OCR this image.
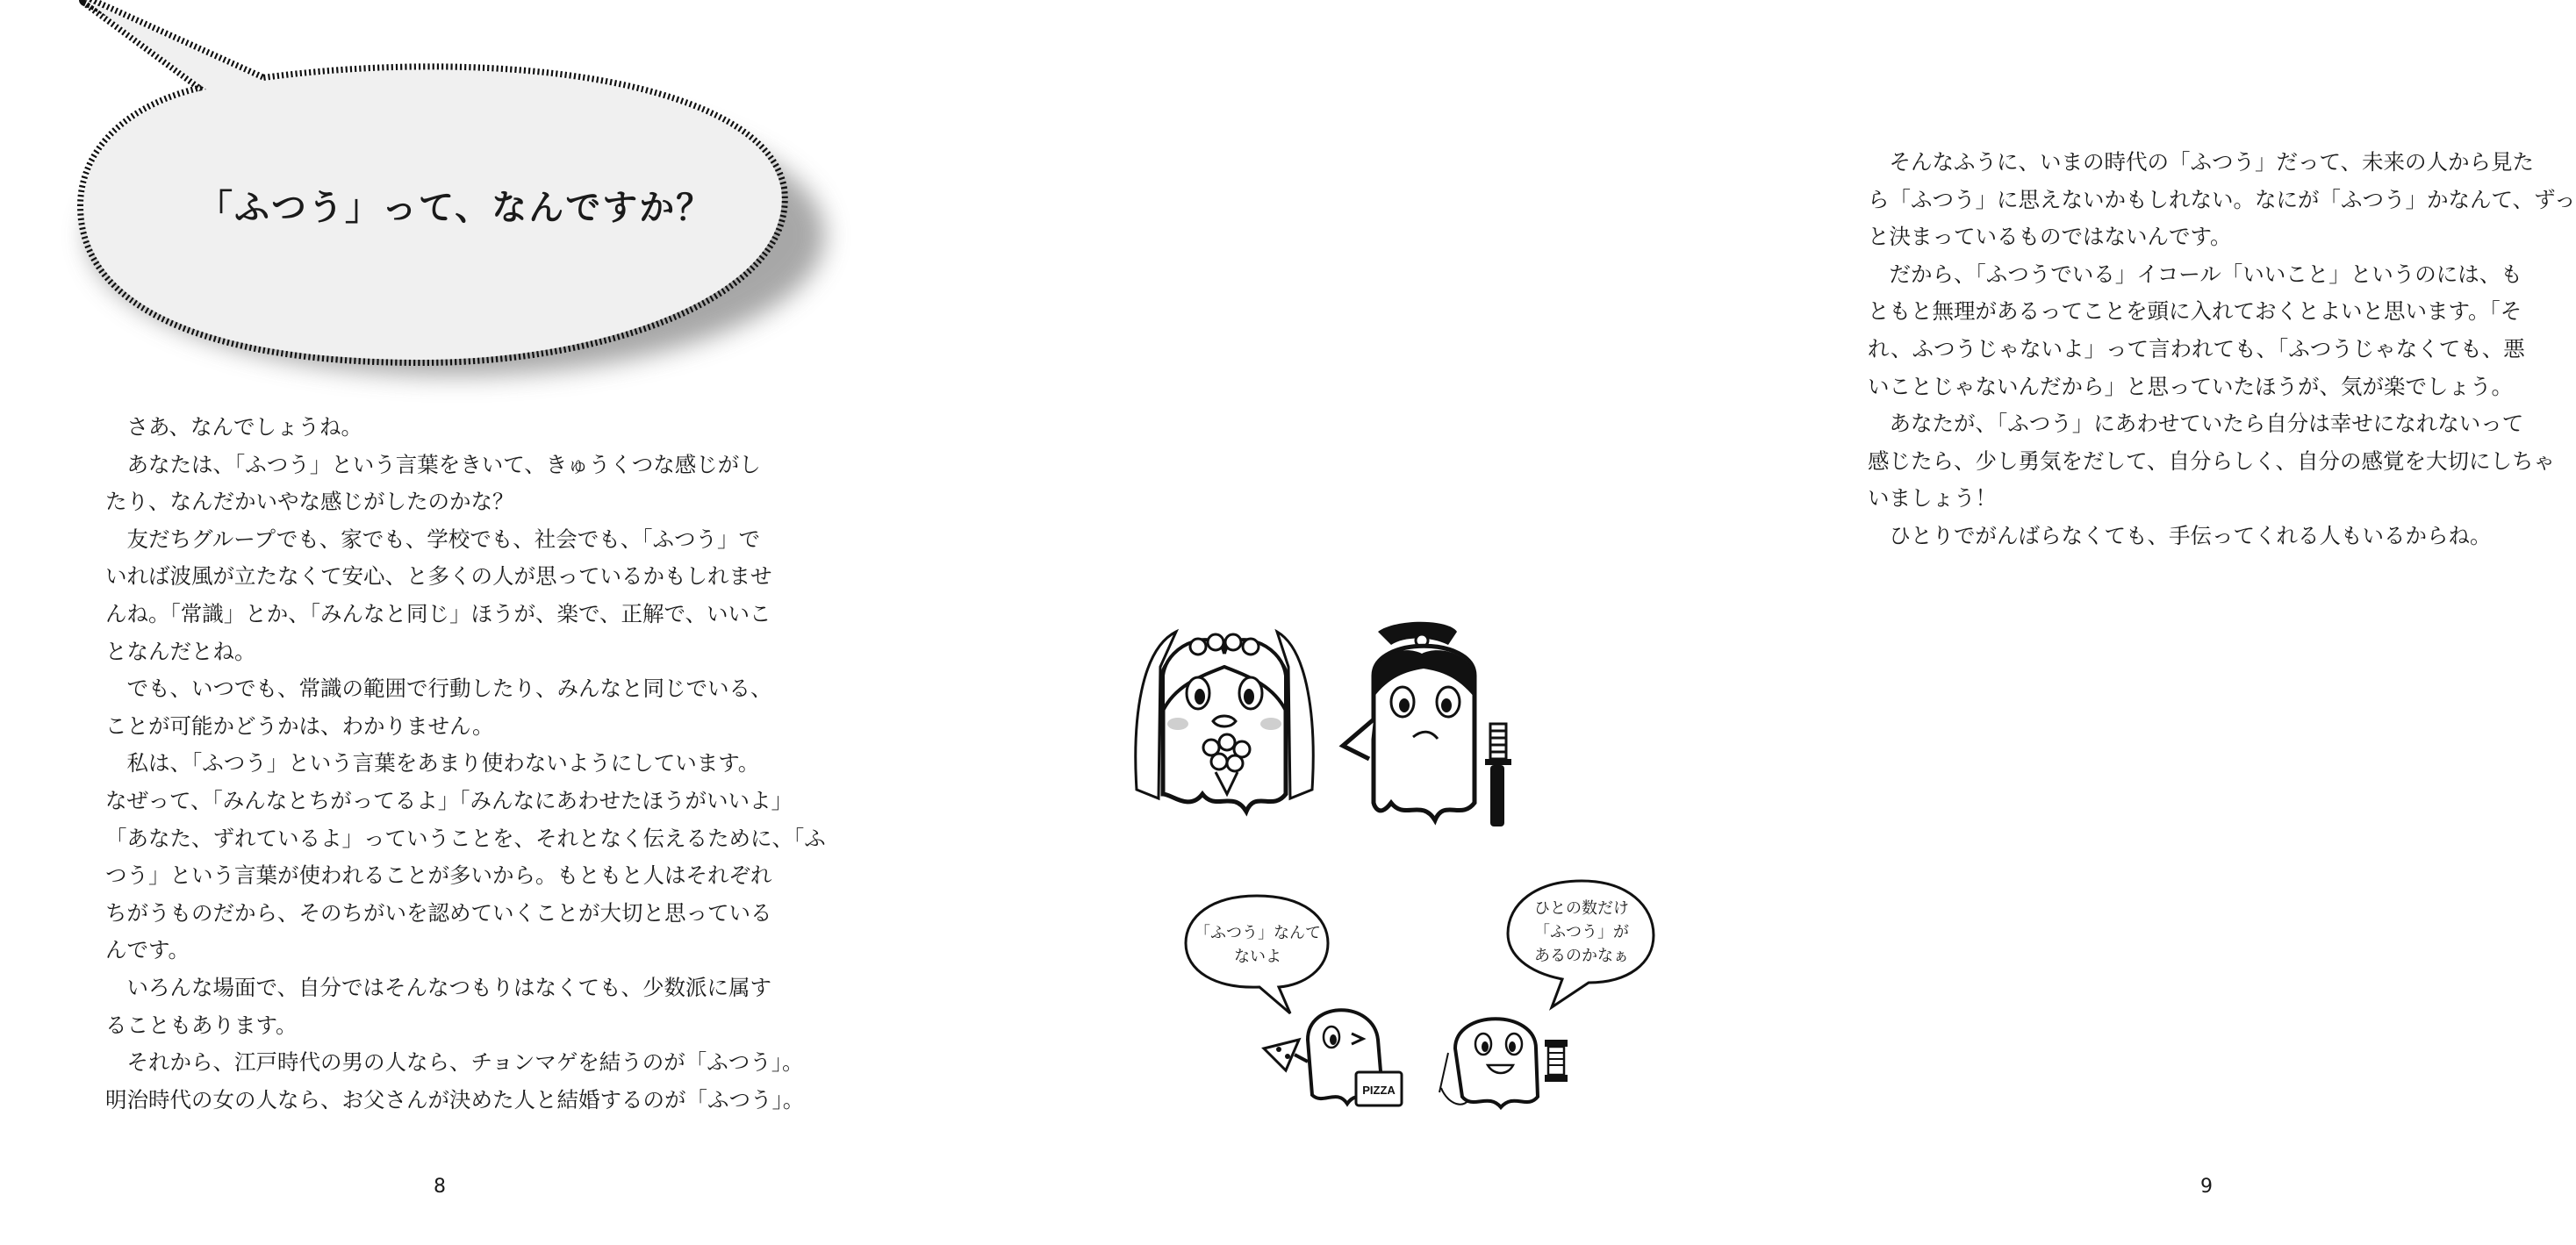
「ふつう」って、なんですか？

　さあ、なんでしょうね。

　あなたは、「ふつう」という言葉をきいて、きゅうくつな感じがし

たり、なんだかいやな感じがしたのかな？

　友だちグループでも、家でも、学校でも、社会でも、「ふつう」で

いれば波風が立たなくて安心、と多くの人が思っているかもしれませ

んね。「常識」とか、「みんなと同じ」ほうが、楽で、正解で、いいこ

となんだとね。

　でも、いつでも、常識の範囲で行動したり、みんなと同じでいる、

ことが可能かどうかは、わかりません。

　私は、「ふつう」という言葉をあまり使わないようにしています。

なぜって、「みんなとちがってるよ」「みんなにあわせたほうがいいよ」

「あなた、ずれているよ」っていうことを、それとなく伝えるために、「ふ

つう」という言葉が使われることが多いから。もともと人はそれぞれ

ちがうものだから、そのちがいを認めていくことが大切と思っている

んです。

　いろんな場面で、自分ではそんなつもりはなくても、少数派に属す

ることもあります。

　それから、江戸時代の男の人なら、チョンマゲを結うのが「ふつう」。

明治時代の女の人なら、お父さんが決めた人と結婚するのが「ふつう」。

8

　そんなふうに、いまの時代の「ふつう」だって、未来の人から見た

ら「ふつう」に思えないかもしれない。なにが「ふつう」かなんて、ずっ

と決まっているものではないんです。

　だから、「ふつうでいる」イコール「いいこと」というのには、も

ともと無理があるってことを頭に入れておくとよいと思います。「そ

れ、ふつうじゃないよ」って言われても、「ふつうじゃなくても、悪

いことじゃないんだから」と思っていたほうが、気が楽でしょう。

　あなたが、「ふつう」にあわせていたら自分は幸せになれないって

感じたら、少し勇気をだして、自分らしく、自分の感覚を大切にしちゃ

いましょう！

　ひとりでがんばらなくても、手伝ってくれる人もいるからね。

「ふつう」なんて
ないよ
ひとの数だけ
「ふつう」が
あるのかなぁ
PIZZA
9
